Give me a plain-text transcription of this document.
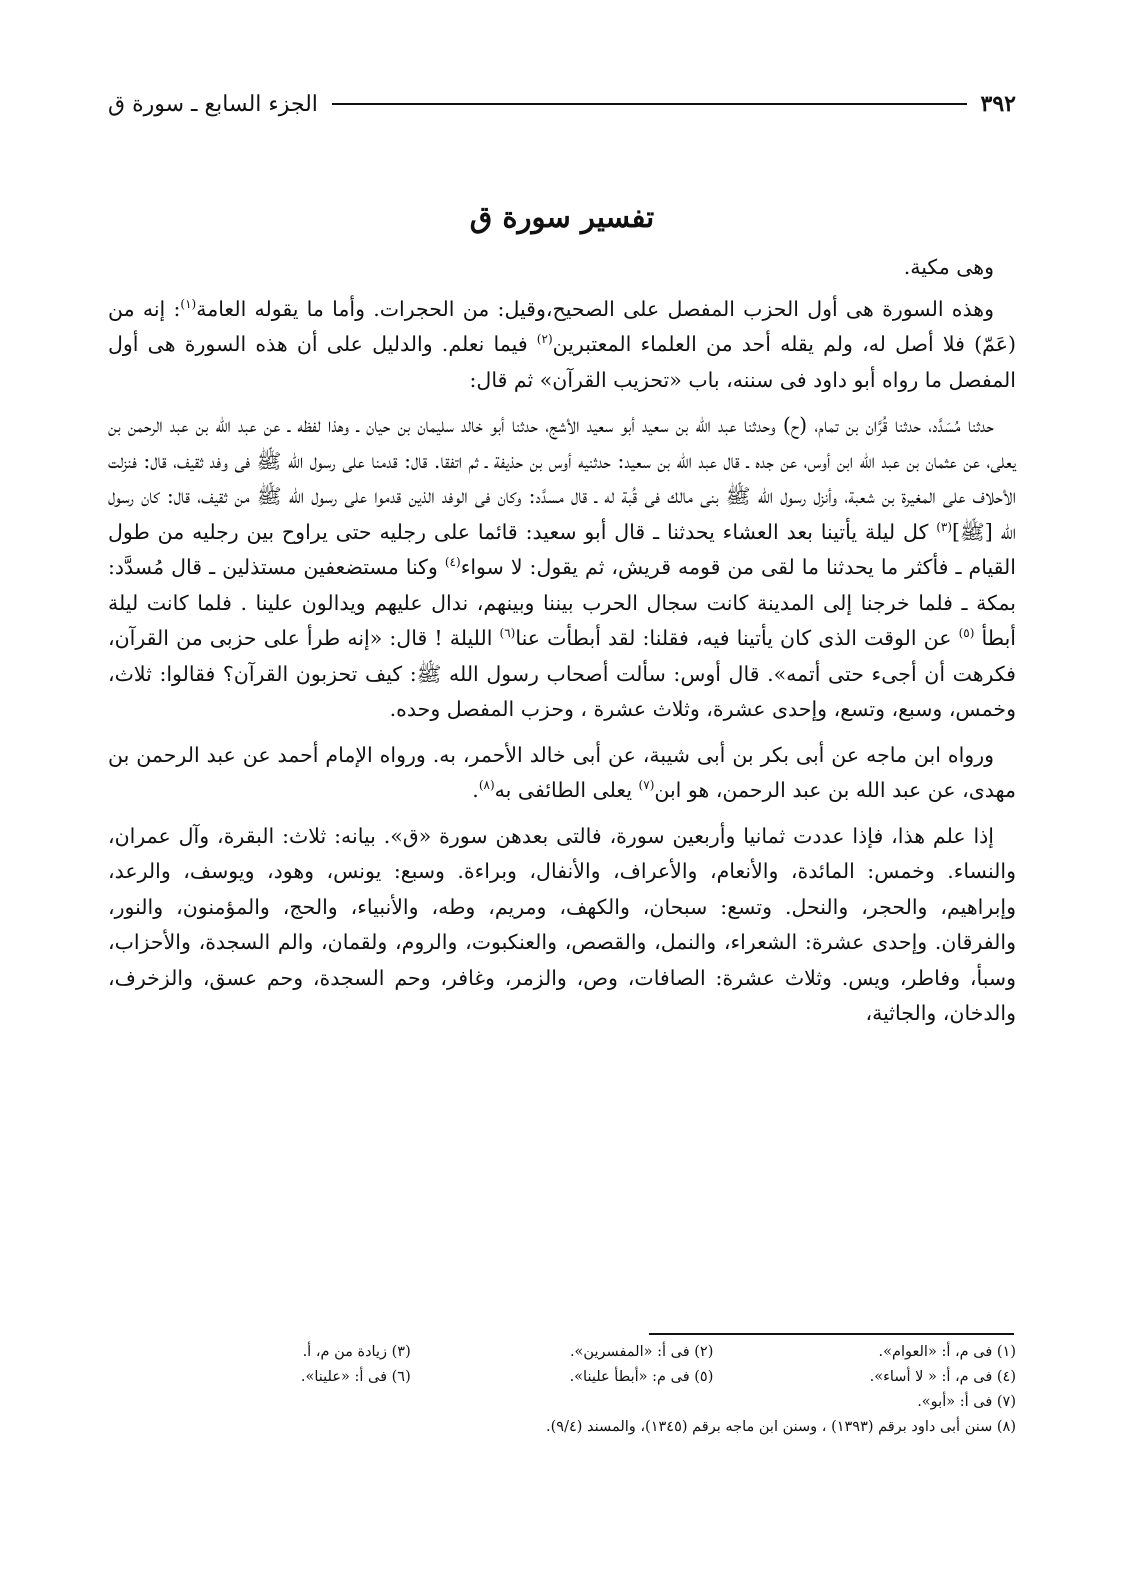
٣٩٢
الجزء السابع ـ سورة ق
تفسير سورة ق

وهى مكية.

وهذه السورة هى أول الحزب المفصل على الصحيح،وقيل: من الحجرات. وأما ما يقوله العامة$^{(١)}$: إنه من (عَمّ) فلا أصل له، ولم يقله أحد من العلماء المعتبرين$^{(٢)}$ فيما نعلم. والدليل على أن هذه السورة هى أول المفصل ما رواه أبو داود فى سننه، باب «تحزيب القرآن» ثم قال:

حدثنا مُسَدَّد، حدثنا قُرَّان بن تمام، (ح) وحدثنا عبد الله بن سعيد أبو سعيد الأشج، حدثنا أبو خالد سليمان بن حيان ـ وهذا لفظه ـ عن عبد الله بن عبد الرحمن بن يعلى، عن عثمان بن عبد الله ابن أوس، عن جده ـ قال عبد الله بن سعيد: حدثنيه أوس بن حذيفة ـ ثم اتفقا. قال: قدمنا على رسول الله ﷺ فى وفد ثقيف، قال: فنزلت الأحلاف على المغيرة بن شعبة، وأنزل رسول الله ﷺ بنى مالك فى قُبة له ـ قال مسدَّد: وكان فى الوفد الذين قدموا على رسول الله ﷺ من ثقيف، قال: كان رسول الله [ﷺ]$^{(٣)}$ كل ليلة يأتينا بعد العشاء يحدثنا ـ قال أبو سعيد: قائما على رجليه حتى يراوح بين رجليه من طول القيام ـ فأكثر ما يحدثنا ما لقى من قومه قريش، ثم يقول: لا سواء$^{(٤)}$ وكنا مستضعفين مستذلين ـ قال مُسدَّد: بمكة ـ فلما خرجنا إلى المدينة كانت سجال الحرب بيننا وبينهم، ندال عليهم ويدالون علينا . فلما كانت ليلة أبطأ $^{(٥)}$ عن الوقت الذى كان يأتينا فيه، فقلنا: لقد أبطأت عنا$^{(٦)}$ الليلة ! قال: «إنه طرأ على حزبى من القرآن، فكرهت أن أجىء حتى أتمه». قال أوس: سألت أصحاب رسول الله ﷺ: كيف تحزبون القرآن؟ فقالوا: ثلاث، وخمس، وسبع، وتسع، وإحدى عشرة، وثلاث عشرة ، وحزب المفصل وحده.

ورواه ابن ماجه عن أبى بكر بن أبى شيبة، عن أبى خالد الأحمر، به. ورواه الإمام أحمد عن عبد الرحمن بن مهدى، عن عبد الله بن عبد الرحمن، هو ابن$^{(٧)}$ يعلى الطائفى به$^{(٨)}$.

إذا علم هذا، فإذا عددت ثمانيا وأربعين سورة، فالتى بعدهن سورة «ق». بيانه: ثلاث: البقرة، وآل عمران، والنساء. وخمس: المائدة، والأنعام، والأعراف، والأنفال، وبراءة. وسبع: يونس، وهود، ويوسف، والرعد، وإبراهيم، والحجر، والنحل. وتسع: سبحان، والكهف، ومريم، وطه، والأنبياء، والحج، والمؤمنون، والنور، والفرقان. وإحدى عشرة: الشعراء، والنمل، والقصص، والعنكبوت، والروم، ولقمان، والم السجدة، والأحزاب، وسبأ، وفاطر، ويس. وثلاث عشرة: الصافات، وص، والزمر، وغافر، وحم السجدة، وحم عسق، والزخرف، والدخان، والجاثية،

(١) فى م، أ: «العوام».
(٢) فى أ: «المفسرين».
(٣) زيادة من م، أ.
(٤) فى م، أ: « لا أساء».
(٥) فى م: «أبطأ علينا».
(٦) فى أ: «علينا».
(٧) فى أ: «أبو».
(٨) سنن أبى داود برقم (١٣٩٣) ، وسنن ابن ماجه برقم (١٣٤٥)، والمسند (٩/٤).
